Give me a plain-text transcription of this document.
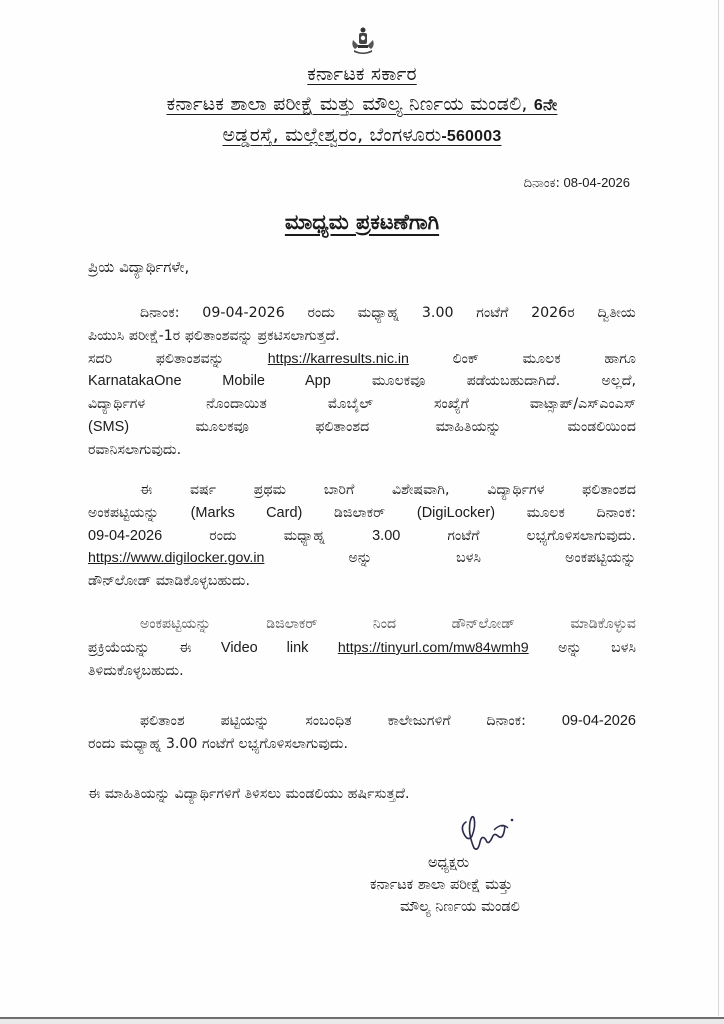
ಕರ್ನಾಟಕ ಸರ್ಕಾರ
ಕರ್ನಾಟಕ ಶಾಲಾ ಪರೀಕ್ಷೆ ಮತ್ತು ಮೌಲ್ಯ ನಿರ್ಣಯ ಮಂಡಲಿ, 6ನೇ
ಅಡ್ಡರಸ್ತೆ, ಮಲ್ಲೇಶ್ವರಂ, ಬೆಂಗಳೂರು-560003
ದಿನಾಂಕ: 08-04-2026
ಮಾಧ್ಯಮ ಪ್ರಕಟಣೆಗಾಗಿ
ಪ್ರಿಯ ವಿದ್ಯಾರ್ಥಿಗಳೇ,
ದಿನಾಂಕ: 09-04-2026 ರಂದು ಮಧ್ಯಾಹ್ನ 3.00 ಗಂಟೆಗೆ 2026ರ ದ್ವಿತೀಯ
ಪಿಯುಸಿ ಪರೀಕ್ಷೆ-1ರ ಫಲಿತಾಂಶವನ್ನು ಪ್ರಕಟಿಸಲಾಗುತ್ತದೆ.
ಸದರಿ ಫಲಿತಾಂಶವನ್ನು	https://karresults.nic.in	ಲಿಂಕ್ ಮೂಲಕ ಹಾಗೂ
KarnatakaOne Mobile App	ಮೂಲಕವೂ ಪಡೆಯಬಹುದಾಗಿದೆ. ಅಲ್ಲದೆ,
ವಿದ್ಯಾರ್ಥಿಗಳ ನೊಂದಾಯಿತ ಮೊಬೈಲ್ ಸಂಖ್ಯೆಗೆ ವಾಟ್ಸಾಪ್/ಎಸ್ಎಂಎಸ್
(SMS)	ಮೂಲಕವೂ ಫಲಿತಾಂಶದ ಮಾಹಿತಿಯನ್ನು ಮಂಡಲಿಯಿಂದ
ರವಾನಿಸಲಾಗುವುದು.
ಈ ವರ್ಷ ಪ್ರಥಮ ಬಾರಿಗೆ ವಿಶೇಷವಾಗಿ, ವಿದ್ಯಾರ್ಥಿಗಳ ಫಲಿತಾಂಶದ
ಅಂಕಪಟ್ಟಿಯನ್ನು (Marks Card) ಡಿಜಿಲಾಕರ್ (DigiLocker) ಮೂಲಕ ದಿನಾಂಕ:
09-04-2026	ರಂದು ಮಧ್ಯಾಹ್ನ	3.00	ಗಂಟೆಗೆ ಲಭ್ಯಗೊಳಿಸಲಾಗುವುದು.
https://www.digilocker.gov.in	ಅನ್ನು ಬಳಸಿ ಅಂಕಪಟ್ಟಿಯನ್ನು
ಡೌನ್‌ಲೋಡ್ ಮಾಡಿಕೊಳ್ಳಬಹುದು.
ಅಂಕಪಟ್ಟಿಯನ್ನು ಡಿಜಿಲಾಕರ್ ನಿಂದ ಡೌನ್‌ಲೋಡ್ ಮಾಡಿಕೊಳ್ಳುವ
ಪ್ರಕ್ರಿಯೆಯನ್ನು ಈ Video link https://tinyurl.com/mw84wmh9 ಅನ್ನು ಬಳಸಿ
ತಿಳಿದುಕೊಳ್ಳಬಹುದು.
ಫಲಿತಾಂಶ ಪಟ್ಟಿಯನ್ನು ಸಂಬಂಧಿತ ಕಾಲೇಜುಗಳಿಗೆ ದಿನಾಂಕ: 09-04-2026
ರಂದು ಮಧ್ಯಾಹ್ನ 3.00 ಗಂಟೆಗೆ ಲಭ್ಯಗೊಳಿಸಲಾಗುವುದು.
ಈ ಮಾಹಿತಿಯನ್ನು ವಿದ್ಯಾರ್ಥಿಗಳಿಗೆ ತಿಳಿಸಲು ಮಂಡಲಿಯು ಹರ್ಷಿಸುತ್ತದೆ.
ಅಧ್ಯಕ್ಷರು
ಕರ್ನಾಟಕ ಶಾಲಾ ಪರೀಕ್ಷೆ ಮತ್ತು
ಮೌಲ್ಯ ನಿರ್ಣಯ ಮಂಡಲಿ
